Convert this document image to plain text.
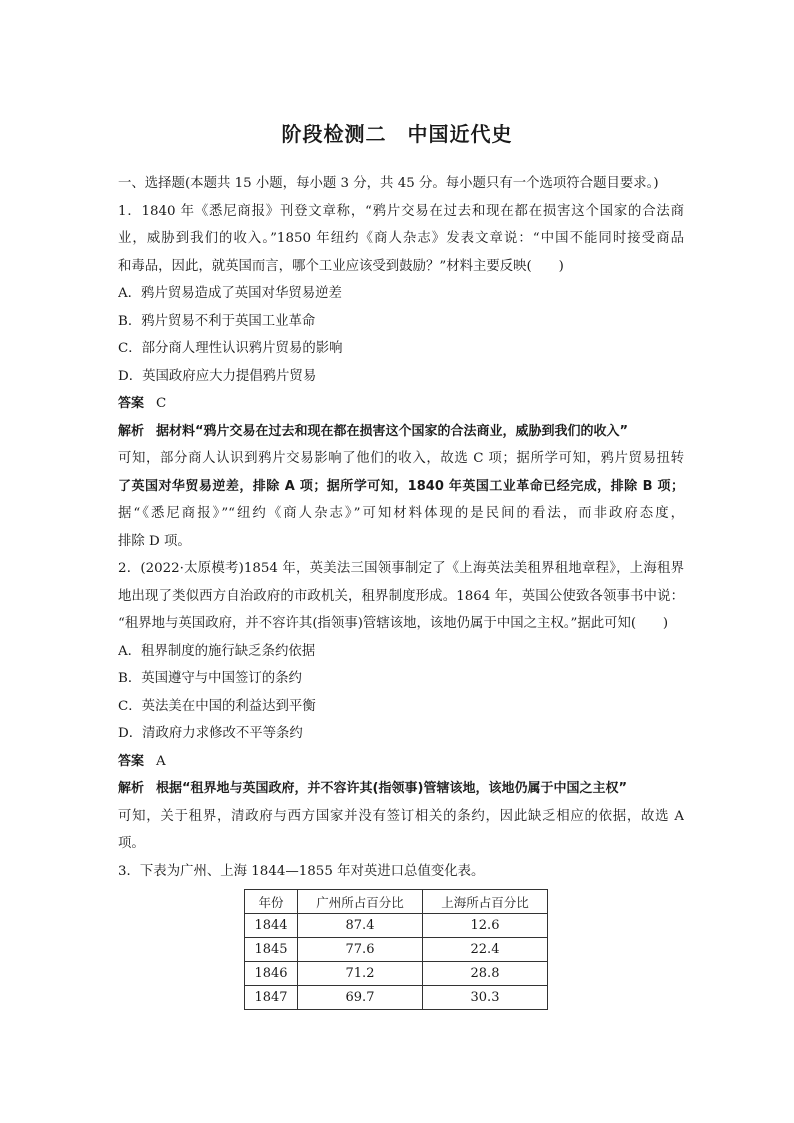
阶段检测二　中国近代史
一、选择题(本题共 15 小题，每小题 3 分，共 45 分。每小题只有一个选项符合题目要求。)
1．1840 年《悉尼商报》刊登文章称，“鸦片交易在过去和现在都在损害这个国家的合法商
业，威胁到我们的收入。”1850 年纽约《商人杂志》发表文章说：“中国不能同时接受商品
和毒品，因此，就英国而言，哪个工业应该受到鼓励？”材料主要反映(　　)
A．鸦片贸易造成了英国对华贸易逆差
B．鸦片贸易不利于英国工业革命
C．部分商人理性认识鸦片贸易的影响
D．英国政府应大力提倡鸦片贸易
答案 C
解析 据材料“鸦片交易在过去和现在都在损害这个国家的合法商业，威胁到我们的收入”
可知，部分商人认识到鸦片交易影响了他们的收入，故选 C 项；据所学可知，鸦片贸易扭转
了英国对华贸易逆差，排除 A 项；据所学可知，1840 年英国工业革命已经完成，排除 B 项；
据“《悉尼商报》”“纽约《商人杂志》”可知材料体现的是民间的看法，而非政府态度，
排除 D 项。
2．(2022·太原模考)1854 年，英美法三国领事制定了《上海英法美租界租地章程》，上海租界
地出现了类似西方自治政府的市政机关，租界制度形成。1864 年，英国公使致各领事书中说：
“租界地与英国政府，并不容许其(指领事)管辖该地，该地仍属于中国之主权。”据此可知(　　)
A．租界制度的施行缺乏条约依据
B．英国遵守与中国签订的条约
C．英法美在中国的利益达到平衡
D．清政府力求修改不平等条约
答案 A
解析 根据“租界地与英国政府，并不容许其(指领事)管辖该地，该地仍属于中国之主权”
可知，关于租界，清政府与西方国家并没有签订相关的条约，因此缺乏相应的依据，故选 A
项。
3．下表为广州、上海 1844—1855 年对英进口总值变化表。
年份	广州所占百分比	上海所占百分比
1844	87.4	12.6
1845	77.6	22.4
1846	71.2	28.8
1847	69.7	30.3
